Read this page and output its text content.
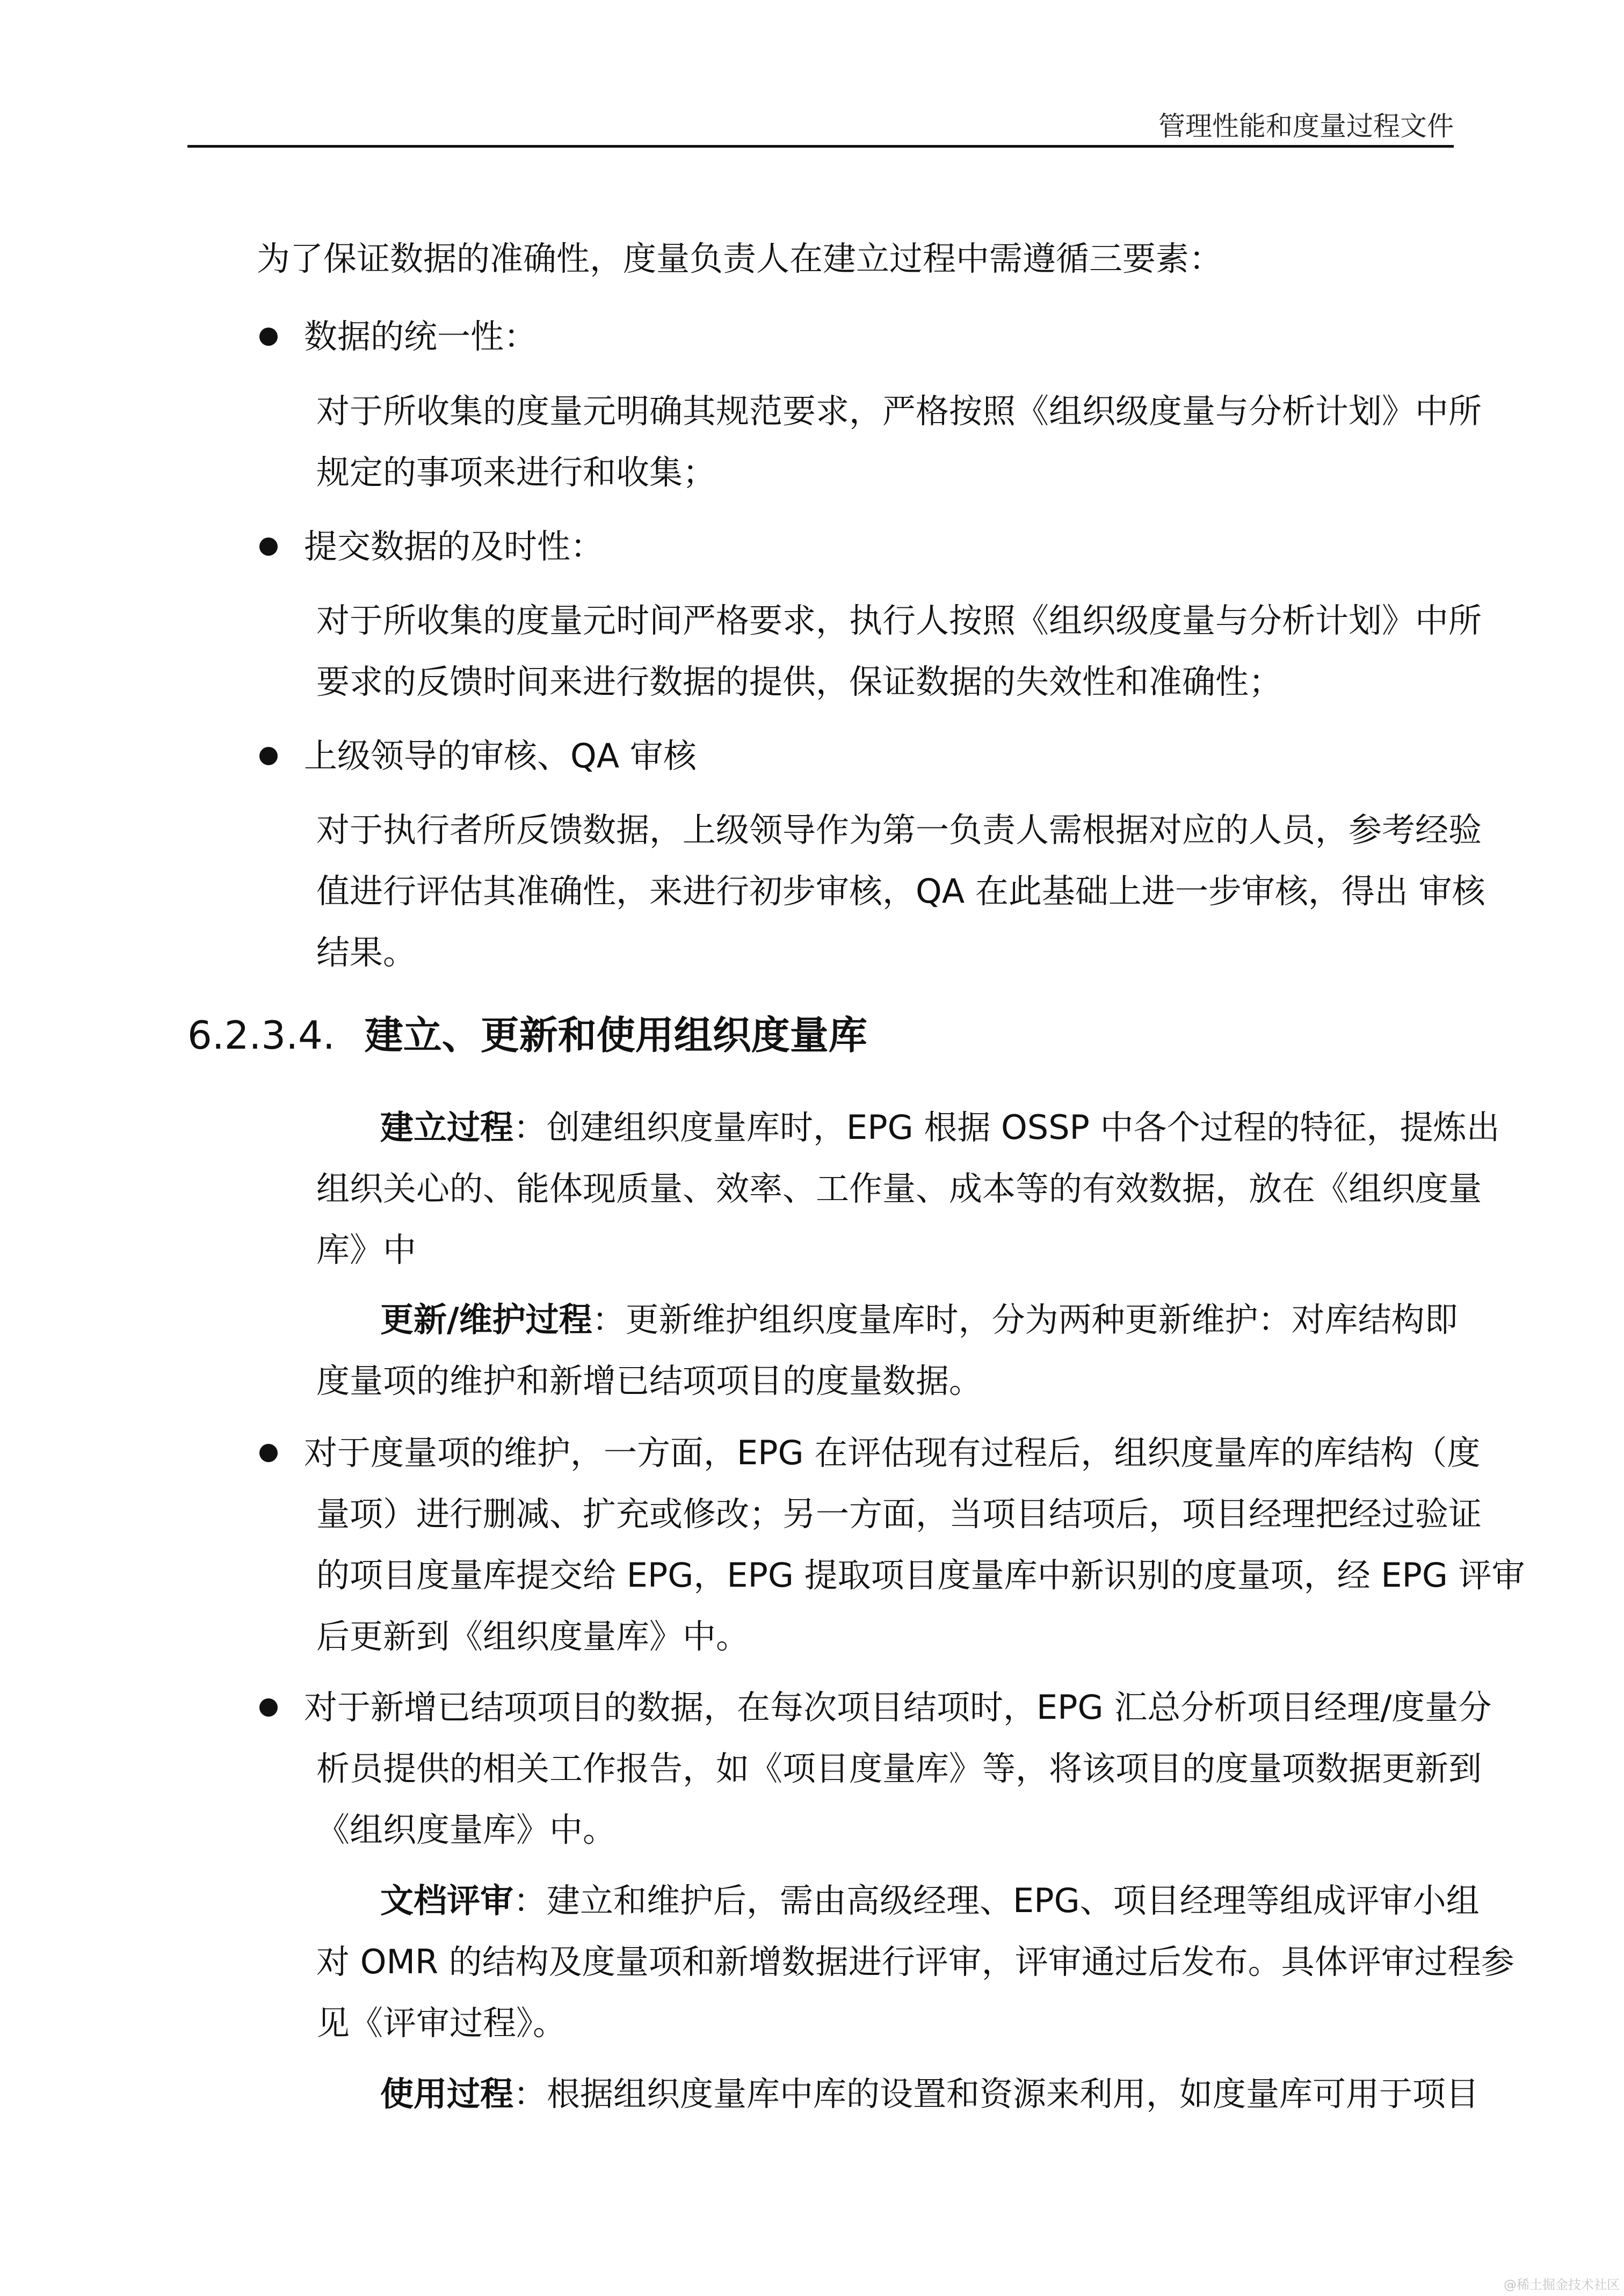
管理性能和度量过程文件
为了保证数据的准确性，度量负责人在建立过程中需遵循三要素：
数据的统一性：
对于所收集的度量元明确其规范要求，严格按照《组织级度量与分析计划》中所
规定的事项来进行和收集；
提交数据的及时性：
对于所收集的度量元时间严格要求，执行人按照《组织级度量与分析计划》中所
要求的反馈时间来进行数据的提供，保证数据的失效性和准确性；
上级领导的审核、QA 审核
对于执行者所反馈数据，上级领导作为第一负责人需根据对应的人员，参考经验
值进行评估其准确性，来进行初步审核，QA 在此基础上进一步审核，得出 审核
结果。
6.2.3.4. 建立、更新和使用组织度量库
建立过程：创建组织度量库时，EPG 根据 OSSP 中各个过程的特征，提炼出
组织关心的、能体现质量、效率、工作量、成本等的有效数据，放在《组织度量
库》中
更新/维护过程：更新维护组织度量库时，分为两种更新维护：对库结构即
度量项的维护和新增已结项项目的度量数据。
对于度量项的维护，一方面，EPG 在评估现有过程后，组织度量库的库结构（度
量项）进行删减、扩充或修改；另一方面，当项目结项后，项目经理把经过验证
的项目度量库提交给 EPG，EPG 提取项目度量库中新识别的度量项，经 EPG 评审
后更新到《组织度量库》中。
对于新增已结项项目的数据，在每次项目结项时，EPG 汇总分析项目经理/度量分
析员提供的相关工作报告，如《项目度量库》等，将该项目的度量项数据更新到
《组织度量库》中。
文档评审：建立和维护后，需由高级经理、EPG、项目经理等组成评审小组
对 OMR 的结构及度量项和新增数据进行评审，评审通过后发布。具体评审过程参
见《评审过程》。
使用过程：根据组织度量库中库的设置和资源来利用，如度量库可用于项目
@稀土掘金技术社区
